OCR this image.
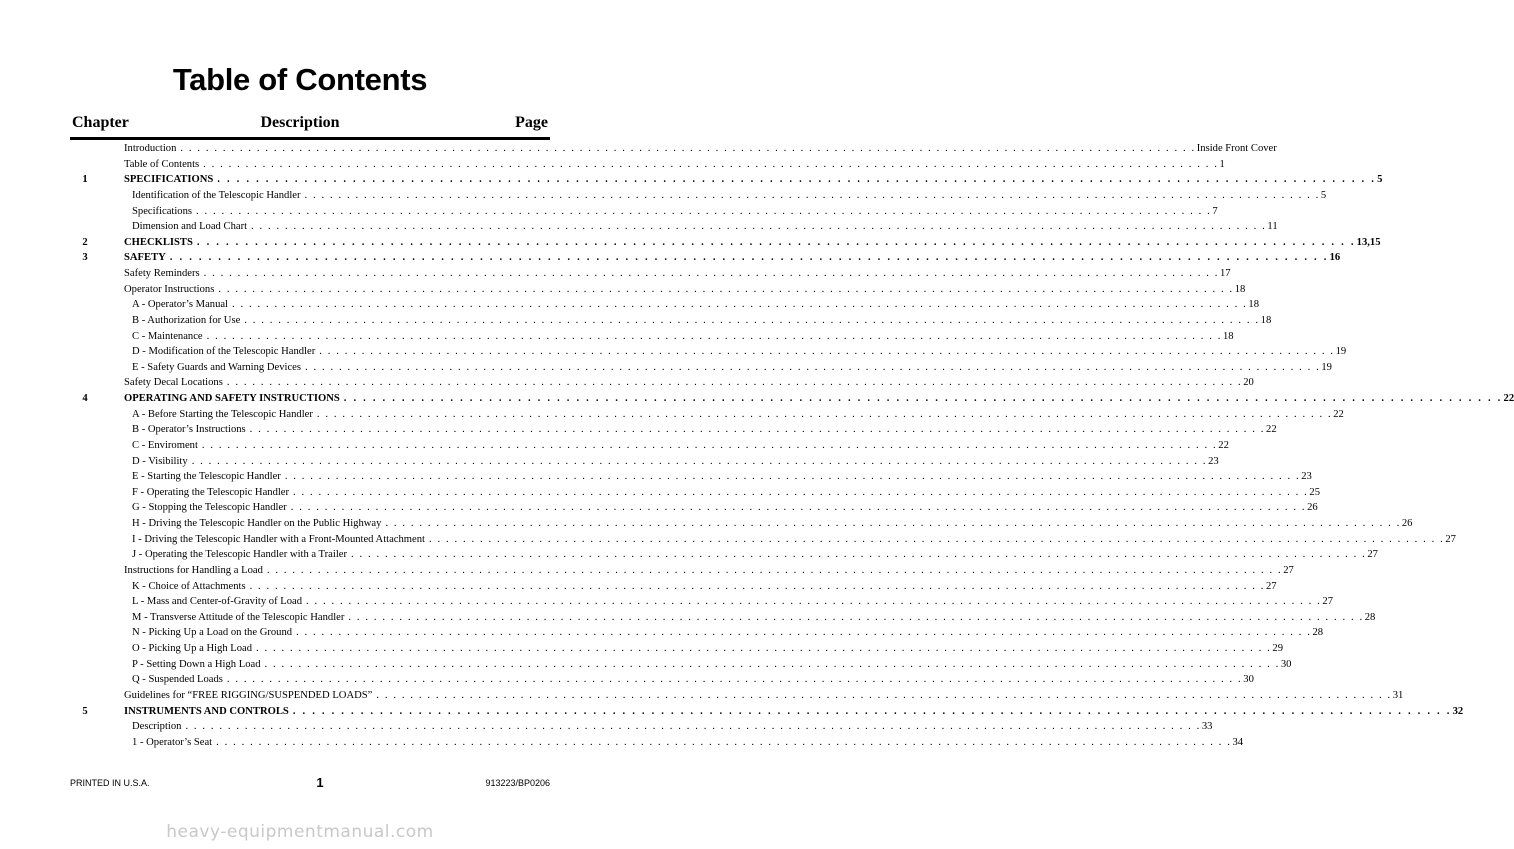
Table of Contents
Chapter	Description	Page
Introduction . . . . . . . . . . . . . . . . . . . . . . . . . . . . . . . . . . . . . . . . . . . . . . . . . . . . . . . . . . . . . . . . . . . . . . . . . . . . . . . . . . . . . . . . . . . . . . . . . . . . . . . . . . . . . . . . . . . . . . . . Inside Front Cover
Table of Contents . . . . . . . . . . . . . . . . . . . . . . . . . . . . . . . . . . . . . . . . . . . . . . . . . . . . . . . . . . . . . . . . . . . . . . . . . . . . . . . . . . . . . . . . . . . . . . . . . . . . . . . . . . . . . . . . . . . . . . . . 1
1	SPECIFICATIONS . . . . . . . . . . . . . . . . . . . . . . . . . . . . . . . . . . . . . . . . . . . . . . . . . . . . . . . . . . . . . . . . . . . . . . . . . . . . . . . . . . . . . . . . . . . . . . . . . . . . . . . . . . . . . . . . . . . . . . . . 5
Identification of the Telescopic Handler . . . . . . . . . . . . . . . . . . . . . . . . . . . . . . . . . . . . . . . . . . . . . . . . . . . . . . . . . . . . . . . . . . . . . . . . . . . . . . . . . . . . . . . . . . . . . . . . . . . . . . . . . . . . . . . . . . . . . . . . 5
Specifications . . . . . . . . . . . . . . . . . . . . . . . . . . . . . . . . . . . . . . . . . . . . . . . . . . . . . . . . . . . . . . . . . . . . . . . . . . . . . . . . . . . . . . . . . . . . . . . . . . . . . . . . . . . . . . . . . . . . . . . . 7
Dimension and Load Chart . . . . . . . . . . . . . . . . . . . . . . . . . . . . . . . . . . . . . . . . . . . . . . . . . . . . . . . . . . . . . . . . . . . . . . . . . . . . . . . . . . . . . . . . . . . . . . . . . . . . . . . . . . . . . . . . . . . . . . . . 11
2	CHECKLISTS . . . . . . . . . . . . . . . . . . . . . . . . . . . . . . . . . . . . . . . . . . . . . . . . . . . . . . . . . . . . . . . . . . . . . . . . . . . . . . . . . . . . . . . . . . . . . . . . . . . . . . . . . . . . . . . . . . . . . . . . 13,15
3	SAFETY . . . . . . . . . . . . . . . . . . . . . . . . . . . . . . . . . . . . . . . . . . . . . . . . . . . . . . . . . . . . . . . . . . . . . . . . . . . . . . . . . . . . . . . . . . . . . . . . . . . . . . . . . . . . . . . . . . . . . . . . 16
Safety Reminders . . . . . . . . . . . . . . . . . . . . . . . . . . . . . . . . . . . . . . . . . . . . . . . . . . . . . . . . . . . . . . . . . . . . . . . . . . . . . . . . . . . . . . . . . . . . . . . . . . . . . . . . . . . . . . . . . . . . . . . . 17
Operator Instructions . . . . . . . . . . . . . . . . . . . . . . . . . . . . . . . . . . . . . . . . . . . . . . . . . . . . . . . . . . . . . . . . . . . . . . . . . . . . . . . . . . . . . . . . . . . . . . . . . . . . . . . . . . . . . . . . . . . . . . . . 18
A - Operator’s Manual . . . . . . . . . . . . . . . . . . . . . . . . . . . . . . . . . . . . . . . . . . . . . . . . . . . . . . . . . . . . . . . . . . . . . . . . . . . . . . . . . . . . . . . . . . . . . . . . . . . . . . . . . . . . . . . . . . . . . . . . 18
B - Authorization for Use . . . . . . . . . . . . . . . . . . . . . . . . . . . . . . . . . . . . . . . . . . . . . . . . . . . . . . . . . . . . . . . . . . . . . . . . . . . . . . . . . . . . . . . . . . . . . . . . . . . . . . . . . . . . . . . . . . . . . . . . 18
C - Maintenance . . . . . . . . . . . . . . . . . . . . . . . . . . . . . . . . . . . . . . . . . . . . . . . . . . . . . . . . . . . . . . . . . . . . . . . . . . . . . . . . . . . . . . . . . . . . . . . . . . . . . . . . . . . . . . . . . . . . . . . . 18
D - Modification of the Telescopic Handler . . . . . . . . . . . . . . . . . . . . . . . . . . . . . . . . . . . . . . . . . . . . . . . . . . . . . . . . . . . . . . . . . . . . . . . . . . . . . . . . . . . . . . . . . . . . . . . . . . . . . . . . . . . . . . . . . . . . . . . . 19
E - Safety Guards and Warning Devices . . . . . . . . . . . . . . . . . . . . . . . . . . . . . . . . . . . . . . . . . . . . . . . . . . . . . . . . . . . . . . . . . . . . . . . . . . . . . . . . . . . . . . . . . . . . . . . . . . . . . . . . . . . . . . . . . . . . . . . . 19
Safety Decal Locations . . . . . . . . . . . . . . . . . . . . . . . . . . . . . . . . . . . . . . . . . . . . . . . . . . . . . . . . . . . . . . . . . . . . . . . . . . . . . . . . . . . . . . . . . . . . . . . . . . . . . . . . . . . . . . . . . . . . . . . . 20
4	OPERATING AND SAFETY INSTRUCTIONS . . . . . . . . . . . . . . . . . . . . . . . . . . . . . . . . . . . . . . . . . . . . . . . . . . . . . . . . . . . . . . . . . . . . . . . . . . . . . . . . . . . . . . . . . . . . . . . . . . . . . . . . . . . . . . . . . . . . . . . . 22
A - Before Starting the Telescopic Handler . . . . . . . . . . . . . . . . . . . . . . . . . . . . . . . . . . . . . . . . . . . . . . . . . . . . . . . . . . . . . . . . . . . . . . . . . . . . . . . . . . . . . . . . . . . . . . . . . . . . . . . . . . . . . . . . . . . . . . . . 22
B - Operator’s Instructions . . . . . . . . . . . . . . . . . . . . . . . . . . . . . . . . . . . . . . . . . . . . . . . . . . . . . . . . . . . . . . . . . . . . . . . . . . . . . . . . . . . . . . . . . . . . . . . . . . . . . . . . . . . . . . . . . . . . . . . . 22
C - Enviroment . . . . . . . . . . . . . . . . . . . . . . . . . . . . . . . . . . . . . . . . . . . . . . . . . . . . . . . . . . . . . . . . . . . . . . . . . . . . . . . . . . . . . . . . . . . . . . . . . . . . . . . . . . . . . . . . . . . . . . . . 22
D - Visibility . . . . . . . . . . . . . . . . . . . . . . . . . . . . . . . . . . . . . . . . . . . . . . . . . . . . . . . . . . . . . . . . . . . . . . . . . . . . . . . . . . . . . . . . . . . . . . . . . . . . . . . . . . . . . . . . . . . . . . . . 23
E - Starting the Telescopic Handler . . . . . . . . . . . . . . . . . . . . . . . . . . . . . . . . . . . . . . . . . . . . . . . . . . . . . . . . . . . . . . . . . . . . . . . . . . . . . . . . . . . . . . . . . . . . . . . . . . . . . . . . . . . . . . . . . . . . . . . . 23
F - Operating the Telescopic Handler . . . . . . . . . . . . . . . . . . . . . . . . . . . . . . . . . . . . . . . . . . . . . . . . . . . . . . . . . . . . . . . . . . . . . . . . . . . . . . . . . . . . . . . . . . . . . . . . . . . . . . . . . . . . . . . . . . . . . . . . 25
G - Stopping the Telescopic Handler . . . . . . . . . . . . . . . . . . . . . . . . . . . . . . . . . . . . . . . . . . . . . . . . . . . . . . . . . . . . . . . . . . . . . . . . . . . . . . . . . . . . . . . . . . . . . . . . . . . . . . . . . . . . . . . . . . . . . . . . 26
H - Driving the Telescopic Handler on the Public Highway . . . . . . . . . . . . . . . . . . . . . . . . . . . . . . . . . . . . . . . . . . . . . . . . . . . . . . . . . . . . . . . . . . . . . . . . . . . . . . . . . . . . . . . . . . . . . . . . . . . . . . . . . . . . . . . . . . . . . . . . 26
I - Driving the Telescopic Handler with a Front-Mounted Attachment . . . . . . . . . . . . . . . . . . . . . . . . . . . . . . . . . . . . . . . . . . . . . . . . . . . . . . . . . . . . . . . . . . . . . . . . . . . . . . . . . . . . . . . . . . . . . . . . . . . . . . . . . . . . . . . . . . . . . . . . 27
J - Operating the Telescopic Handler with a Trailer . . . . . . . . . . . . . . . . . . . . . . . . . . . . . . . . . . . . . . . . . . . . . . . . . . . . . . . . . . . . . . . . . . . . . . . . . . . . . . . . . . . . . . . . . . . . . . . . . . . . . . . . . . . . . . . . . . . . . . . . 27
Instructions for Handling a Load . . . . . . . . . . . . . . . . . . . . . . . . . . . . . . . . . . . . . . . . . . . . . . . . . . . . . . . . . . . . . . . . . . . . . . . . . . . . . . . . . . . . . . . . . . . . . . . . . . . . . . . . . . . . . . . . . . . . . . . . 27
K - Choice of Attachments . . . . . . . . . . . . . . . . . . . . . . . . . . . . . . . . . . . . . . . . . . . . . . . . . . . . . . . . . . . . . . . . . . . . . . . . . . . . . . . . . . . . . . . . . . . . . . . . . . . . . . . . . . . . . . . . . . . . . . . . 27
L - Mass and Center-of-Gravity of Load . . . . . . . . . . . . . . . . . . . . . . . . . . . . . . . . . . . . . . . . . . . . . . . . . . . . . . . . . . . . . . . . . . . . . . . . . . . . . . . . . . . . . . . . . . . . . . . . . . . . . . . . . . . . . . . . . . . . . . . . 27
M - Transverse Attitude of the Telescopic Handler . . . . . . . . . . . . . . . . . . . . . . . . . . . . . . . . . . . . . . . . . . . . . . . . . . . . . . . . . . . . . . . . . . . . . . . . . . . . . . . . . . . . . . . . . . . . . . . . . . . . . . . . . . . . . . . . . . . . . . . . 28
N - Picking Up a Load on the Ground . . . . . . . . . . . . . . . . . . . . . . . . . . . . . . . . . . . . . . . . . . . . . . . . . . . . . . . . . . . . . . . . . . . . . . . . . . . . . . . . . . . . . . . . . . . . . . . . . . . . . . . . . . . . . . . . . . . . . . . . 28
O - Picking Up a High Load . . . . . . . . . . . . . . . . . . . . . . . . . . . . . . . . . . . . . . . . . . . . . . . . . . . . . . . . . . . . . . . . . . . . . . . . . . . . . . . . . . . . . . . . . . . . . . . . . . . . . . . . . . . . . . . . . . . . . . . . 29
P - Setting Down a High Load . . . . . . . . . . . . . . . . . . . . . . . . . . . . . . . . . . . . . . . . . . . . . . . . . . . . . . . . . . . . . . . . . . . . . . . . . . . . . . . . . . . . . . . . . . . . . . . . . . . . . . . . . . . . . . . . . . . . . . . . 30
Q - Suspended Loads . . . . . . . . . . . . . . . . . . . . . . . . . . . . . . . . . . . . . . . . . . . . . . . . . . . . . . . . . . . . . . . . . . . . . . . . . . . . . . . . . . . . . . . . . . . . . . . . . . . . . . . . . . . . . . . . . . . . . . . . 30
Guidelines for “FREE RIGGING/SUSPENDED LOADS” . . . . . . . . . . . . . . . . . . . . . . . . . . . . . . . . . . . . . . . . . . . . . . . . . . . . . . . . . . . . . . . . . . . . . . . . . . . . . . . . . . . . . . . . . . . . . . . . . . . . . . . . . . . . . . . . . . . . . . . . 31
5	INSTRUMENTS AND CONTROLS . . . . . . . . . . . . . . . . . . . . . . . . . . . . . . . . . . . . . . . . . . . . . . . . . . . . . . . . . . . . . . . . . . . . . . . . . . . . . . . . . . . . . . . . . . . . . . . . . . . . . . . . . . . . . . . . . . . . . . . . 32
Description . . . . . . . . . . . . . . . . . . . . . . . . . . . . . . . . . . . . . . . . . . . . . . . . . . . . . . . . . . . . . . . . . . . . . . . . . . . . . . . . . . . . . . . . . . . . . . . . . . . . . . . . . . . . . . . . . . . . . . . . 33
1 - Operator’s Seat . . . . . . . . . . . . . . . . . . . . . . . . . . . . . . . . . . . . . . . . . . . . . . . . . . . . . . . . . . . . . . . . . . . . . . . . . . . . . . . . . . . . . . . . . . . . . . . . . . . . . . . . . . . . . . . . . . . . . . . . 34
PRINTED IN U.S.A.	1	913223/BP0206
heavy-equipmentmanual.com
